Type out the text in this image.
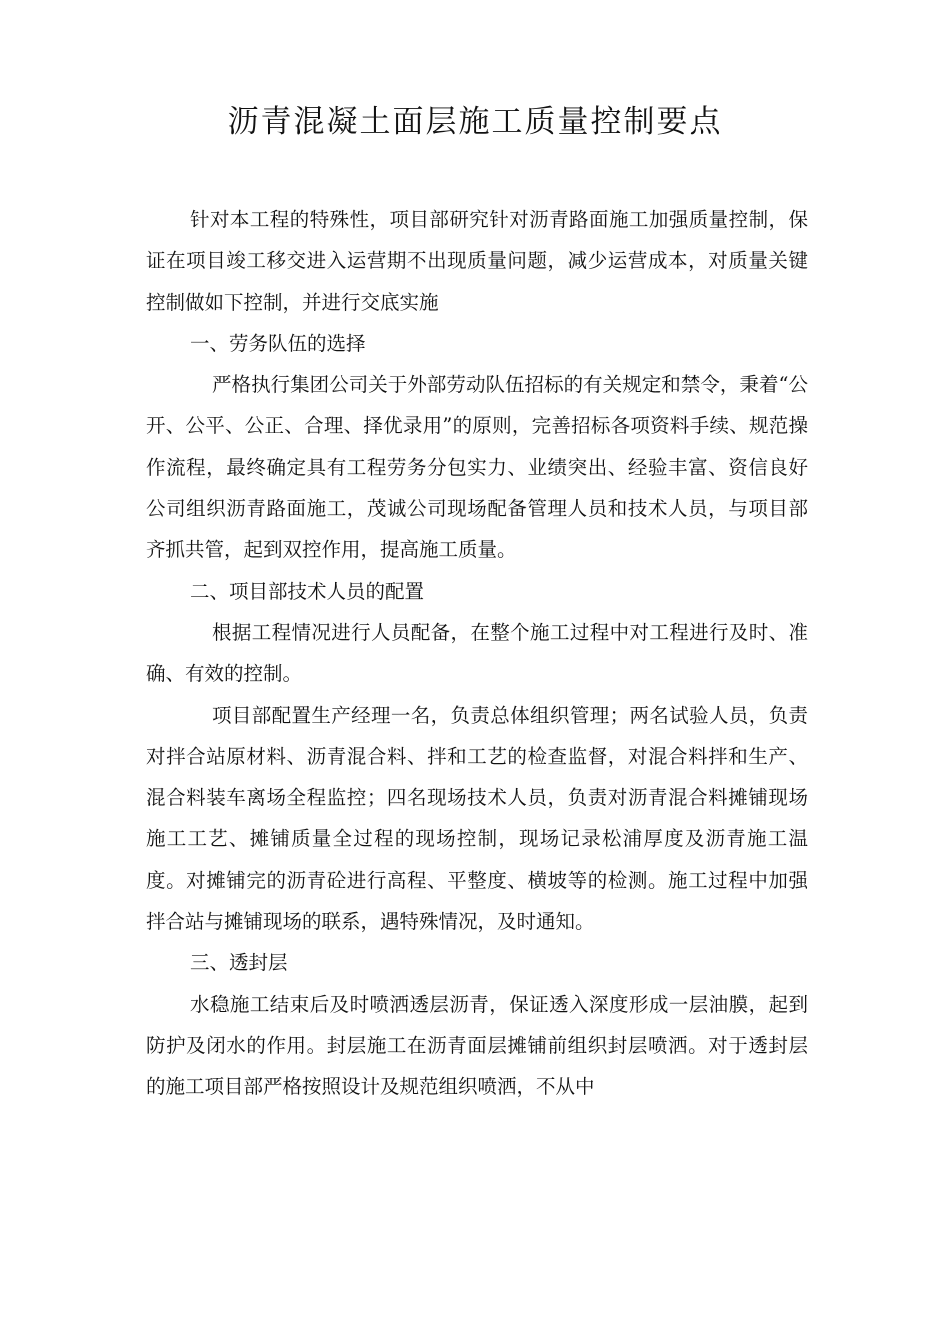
沥青混凝土面层施工质量控制要点

针对本工程的特殊性，项目部研究针对沥青路面施工加强质量控制，保证在项目竣工移交进入运营期不出现质量问题，减少运营成本，对质量关键控制做如下控制，并进行交底实施

一、劳务队伍的选择

严格执行集团公司关于外部劳动队伍招标的有关规定和禁令，秉着“公开、公平、公正、合理、择优录用”的原则，完善招标各项资料手续、规范操作流程，最终确定具有工程劳务分包实力、业绩突出、经验丰富、资信良好公司组织沥青路面施工，茂诚公司现场配备管理人员和技术人员，与项目部齐抓共管，起到双控作用，提高施工质量。

二、项目部技术人员的配置

根据工程情况进行人员配备，在整个施工过程中对工程进行及时、准确、有效的控制。

项目部配置生产经理一名，负责总体组织管理；两名试验人员，负责对拌合站原材料、沥青混合料、拌和工艺的检查监督，对混合料拌和生产、混合料装车离场全程监控；四名现场技术人员，负责对沥青混合料摊铺现场施工工艺、摊铺质量全过程的现场控制，现场记录松浦厚度及沥青施工温度。对摊铺完的沥青砼进行高程、平整度、横坡等的检测。施工过程中加强拌合站与摊铺现场的联系，遇特殊情况，及时通知。

三、透封层

水稳施工结束后及时喷洒透层沥青，保证透入深度形成一层油膜，起到防护及闭水的作用。封层施工在沥青面层摊铺前组织封层喷洒。对于透封层的施工项目部严格按照设计及规范组织喷洒，不从中
